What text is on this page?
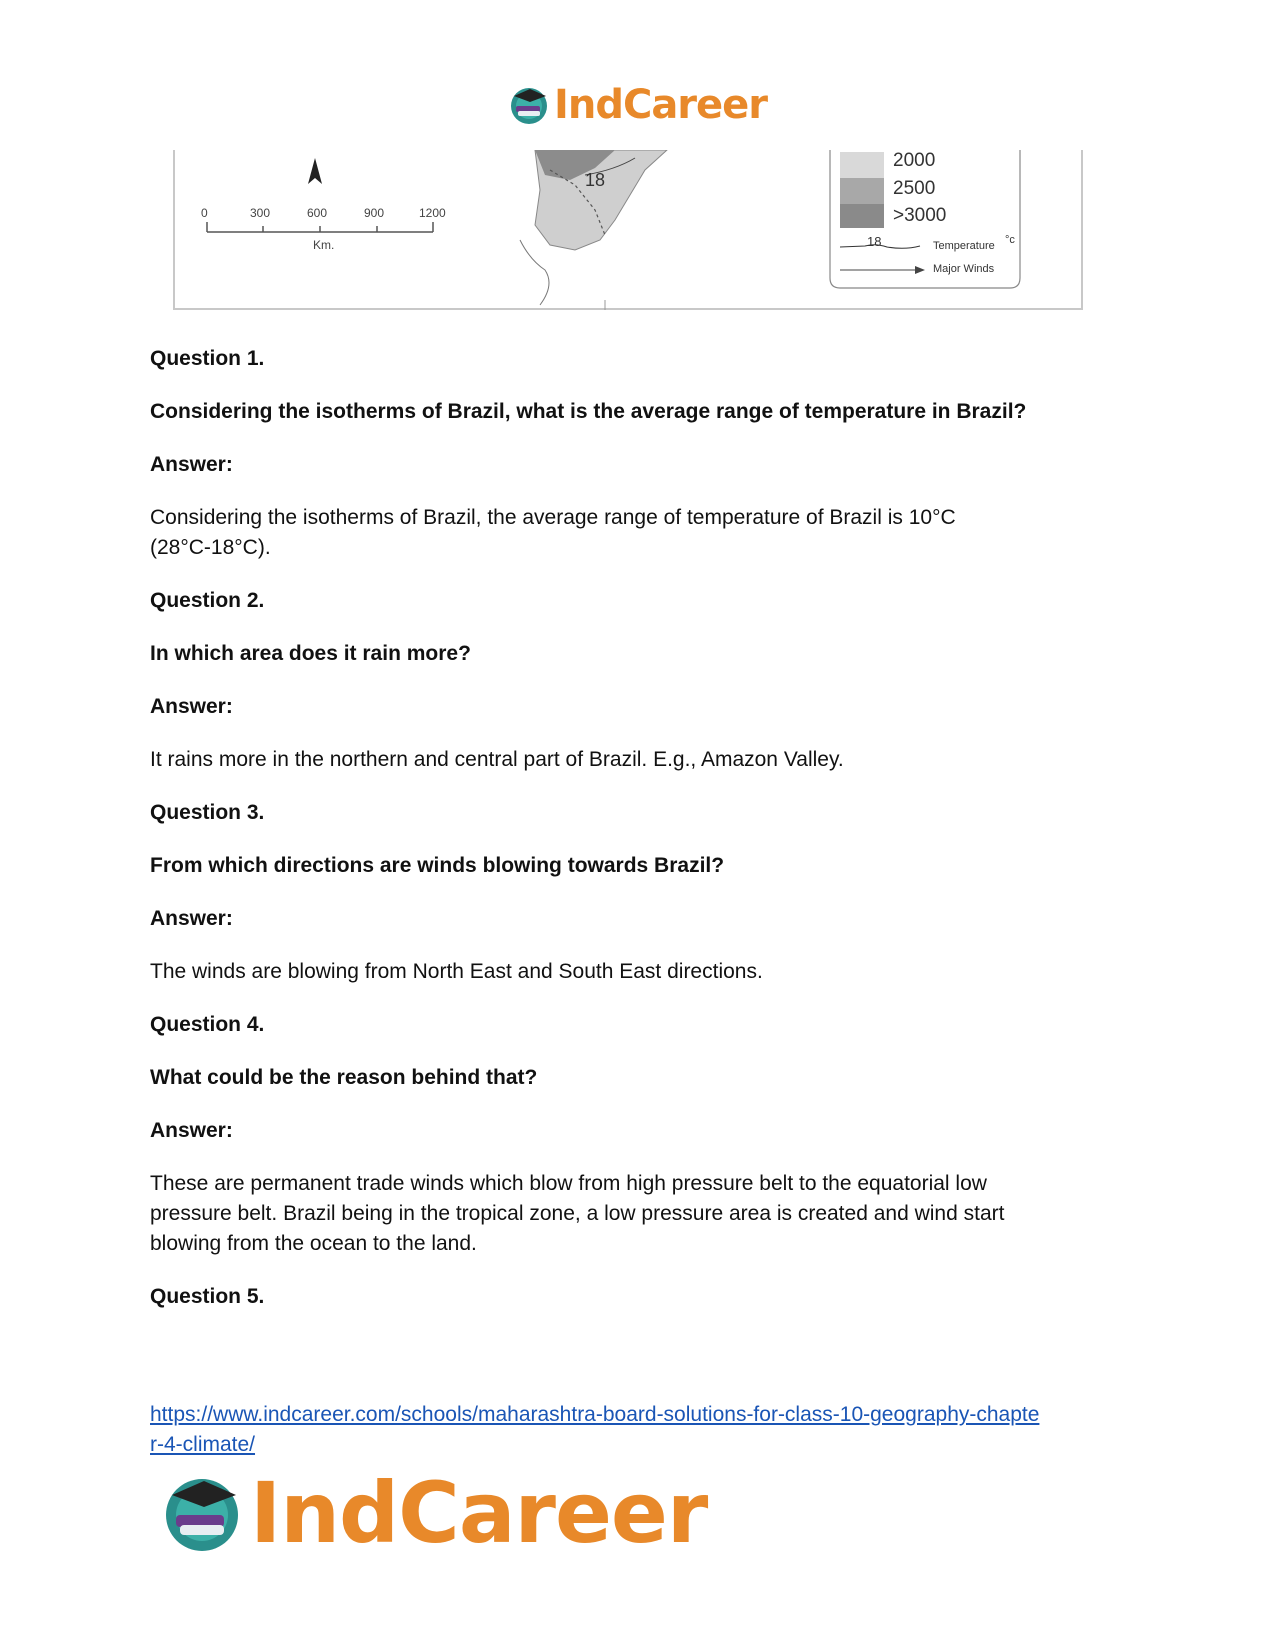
IndCareer
0	300	600	900	1200
Km.
18
2000
2500
>3000
18	Temperature °c
Major Winds

Question 1.

Considering the isotherms of Brazil, what is the average range of temperature in Brazil?

Answer:

Considering the isotherms of Brazil, the average range of temperature of Brazil is 10°C

(28°C-18°C).

Question 2.

In which area does it rain more?

Answer:

It rains more in the northern and central part of Brazil. E.g., Amazon Valley.

Question 3.

From which directions are winds blowing towards Brazil?

Answer:

The winds are blowing from North East and South East directions.

Question 4.

What could be the reason behind that?

Answer:

These are permanent trade winds which blow from high pressure belt to the equatorial low

pressure belt. Brazil being in the tropical zone, a low pressure area is created and wind start

blowing from the ocean to the land.

Question 5.

https://www.indcareer.com/schools/maharashtra-board-solutions-for-class-10-geography-chapte
r-4-climate/
IndCareer
